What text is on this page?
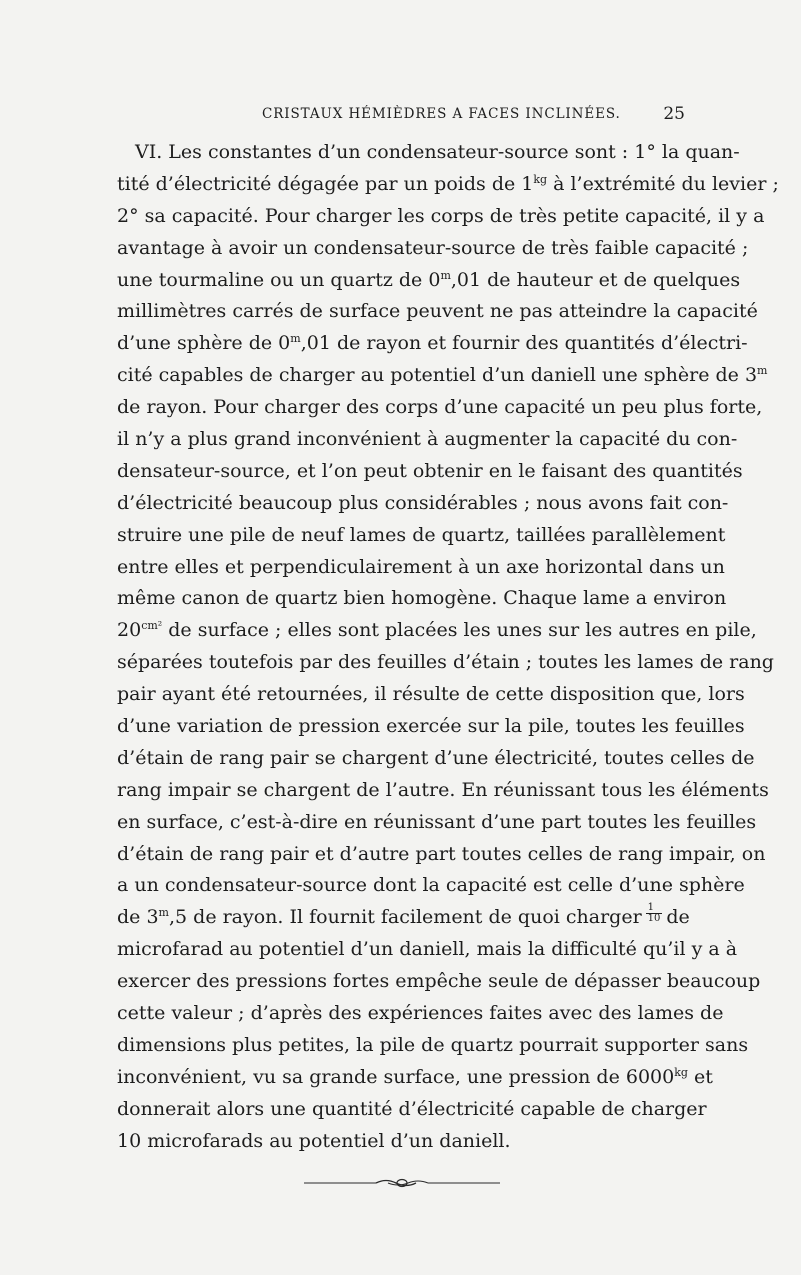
CRISTAUX HÉMIÈDRES A FACES INCLINÉES.	25
VI. Les constantes d’un condensateur-source sont : 1° la quan-
tité d’électricité dégagée par un poids de $1^{kg}$ à l’extrémité du levier ;
2° sa capacité. Pour charger les corps de très petite capacité, il y a
avantage à avoir un condensateur-source de très faible capacité ;
une tourmaline ou un quartz de 0$^m$,01 de hauteur et de quelques
millimètres carrés de surface peuvent ne pas atteindre la capacité
d’une sphère de 0$^m$,01 de rayon et fournir des quantités d’électri-
cité capables de charger au potentiel d’un daniell une sphère de 3$^m$
de rayon. Pour charger des corps d’une capacité un peu plus forte,
il n’y a plus grand inconvénient à augmenter la capacité du con-
densateur-source, et l’on peut obtenir en le faisant des quantités
d’électricité beaucoup plus considérables ; nous avons fait con-
struire une pile de neuf lames de quartz, taillées parallèlement
entre elles et perpendiculairement à un axe horizontal dans un
même canon de quartz bien homogène. Chaque lame a environ
$20^{cm^2}$ de surface ; elles sont placées les unes sur les autres en pile,
séparées toutefois par des feuilles d’étain ; toutes les lames de rang
pair ayant été retournées, il résulte de cette disposition que, lors
d’une variation de pression exercée sur la pile, toutes les feuilles
d’étain de rang pair se chargent d’une électricité, toutes celles de
rang impair se chargent de l’autre. En réunissant tous les éléments
en surface, c’est-à-dire en réunissant d’une part toutes les feuilles
d’étain de rang pair et d’autre part toutes celles de rang impair, on
a un condensateur-source dont la capacité est celle d’une sphère
de 3$^m$,5 de rayon. Il fournit facilement de quoi charger $\frac{1}{10}$ de
microfarad au potentiel d’un daniell, mais la difficulté qu’il y a à
exercer des pressions fortes empêche seule de dépasser beaucoup
cette valeur ; d’après des expériences faites avec des lames de
dimensions plus petites, la pile de quartz pourrait supporter sans
inconvénient, vu sa grande surface, une pression de $6000^{kg}$ et
donnerait alors une quantité d’électricité capable de charger
10 microfarads au potentiel d’un daniell.
